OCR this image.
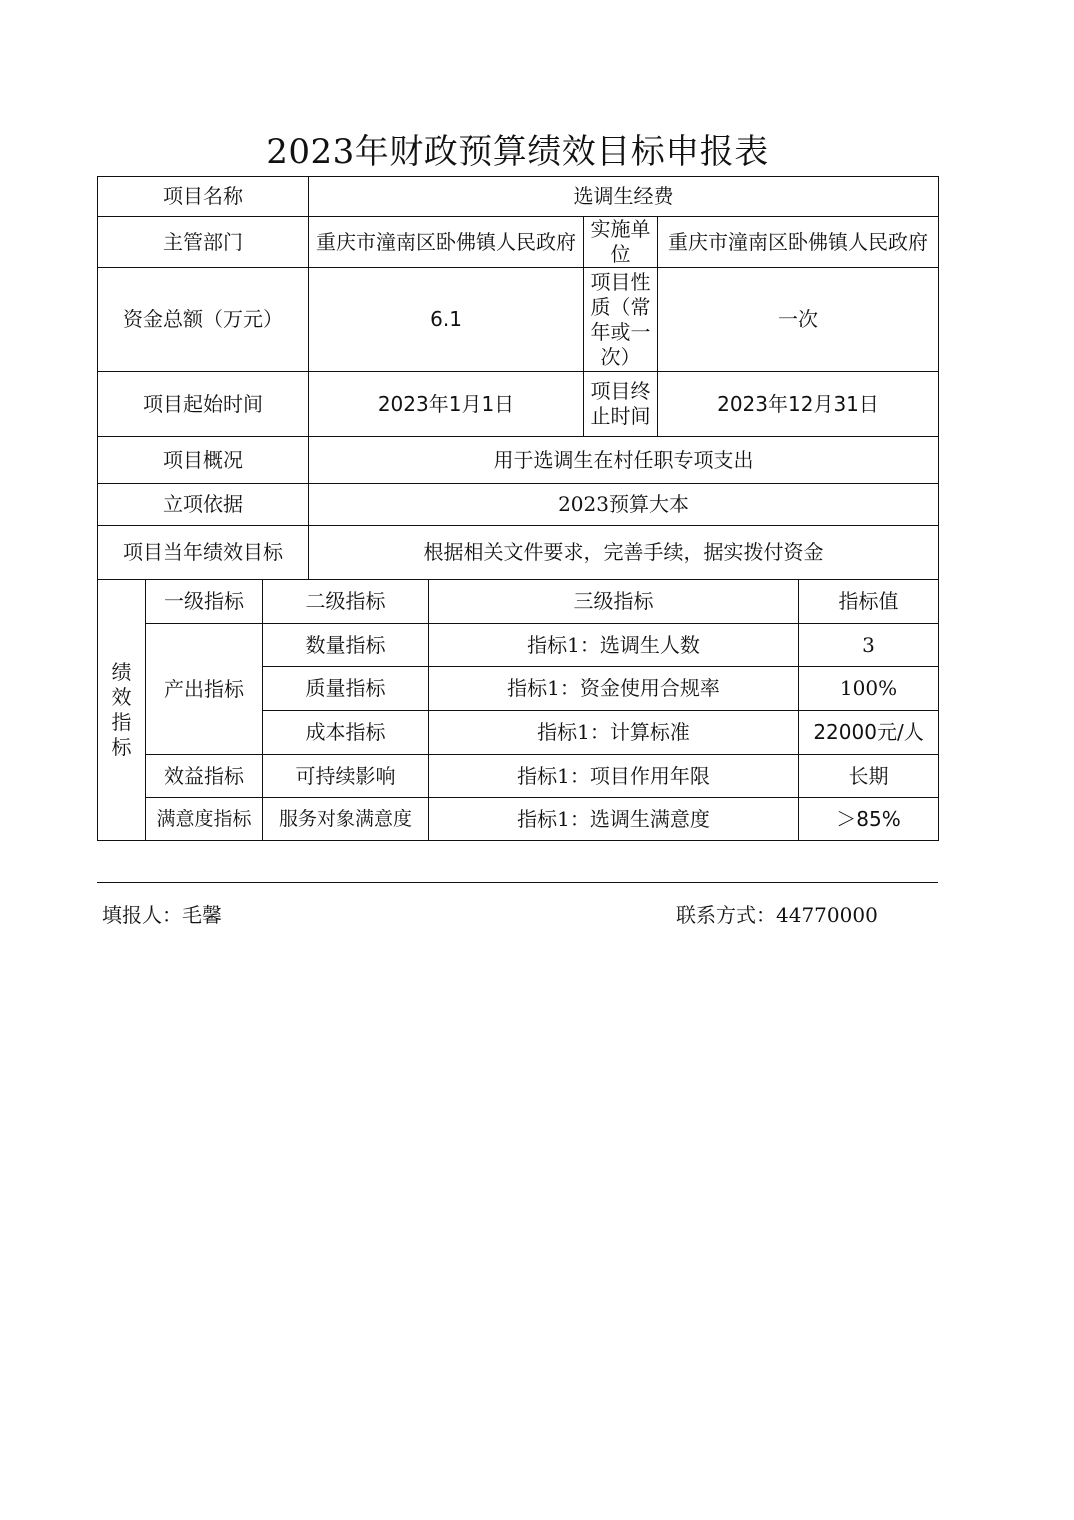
2023年财政预算绩效目标申报表
项目名称			选调生经费				
主管部门			重庆市潼南区卧佛镇人民政府		实施单位	重庆市潼南区卧佛镇人民政府	
资金总额（万元）			6.1		项目性质（常年或一次）	一次	
项目起始时间			2023年1月1日		项目终止时间	2023年12月31日	
项目概况			用于选调生在村任职专项支出				
立项依据			2023预算大本				
项目当年绩效目标			根据相关文件要求，完善手续，据实拨付资金				
绩效指标	一级指标	二级指标		三级指标			指标值
	产出指标	数量指标		指标1：选调生人数			3
		质量指标		指标1：资金使用合规率			100%
		成本指标		指标1：计算标准			22000元/人
	效益指标	可持续影响		指标1：项目作用年限			长期
	满意度指标	服务对象满意度		指标1：选调生满意度			＞85%
填报人：毛馨	联系方式：44770000
